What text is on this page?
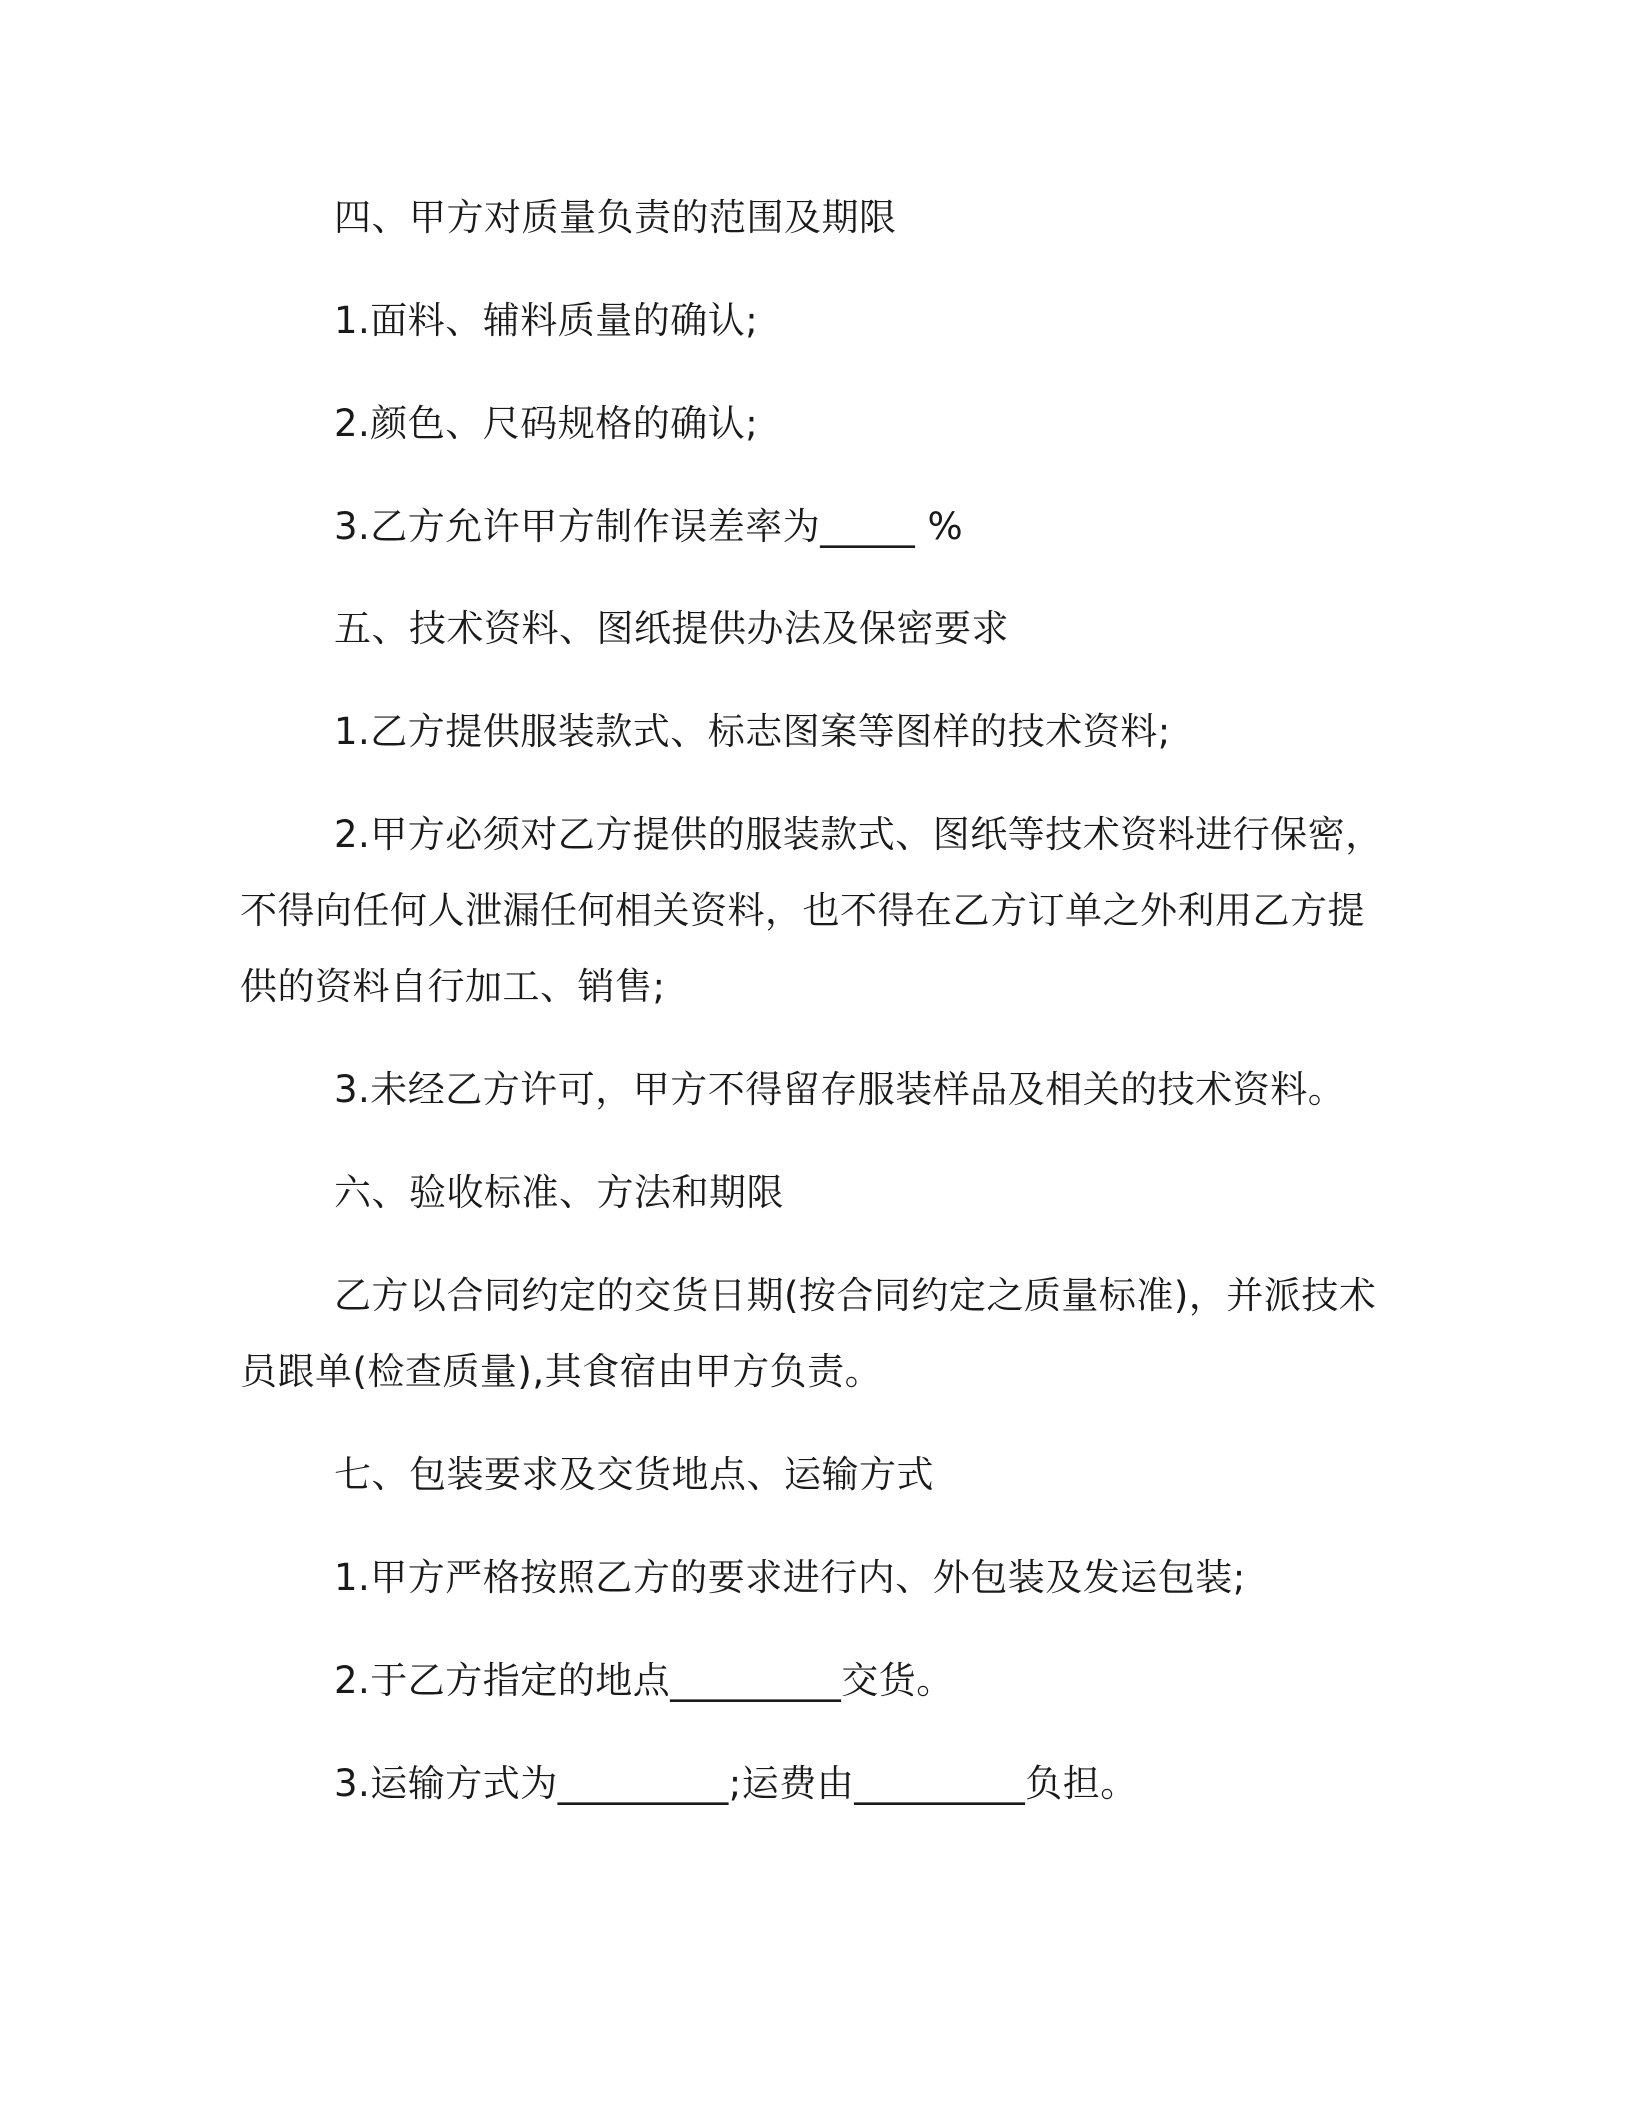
四、甲方对质量负责的范围及期限
1.面料、辅料质量的确认;
2.颜色、尺码规格的确认;
3.乙方允许甲方制作误差率为_____ %
五、技术资料、图纸提供办法及保密要求
1.乙方提供服装款式、标志图案等图样的技术资料;
2.甲方必须对乙方提供的服装款式、图纸等技术资料进行保密，
不得向任何人泄漏任何相关资料，也不得在乙方订单之外利用乙方提
供的资料自行加工、销售;
3.未经乙方许可，甲方不得留存服装样品及相关的技术资料。
六、验收标准、方法和期限
乙方以合同约定的交货日期(按合同约定之质量标准)，并派技术
员跟单(检查质量),其食宿由甲方负责。
七、包装要求及交货地点、运输方式
1.甲方严格按照乙方的要求进行内、外包装及发运包装;
2.于乙方指定的地点_________交货。
3.运输方式为_________;运费由_________负担。
